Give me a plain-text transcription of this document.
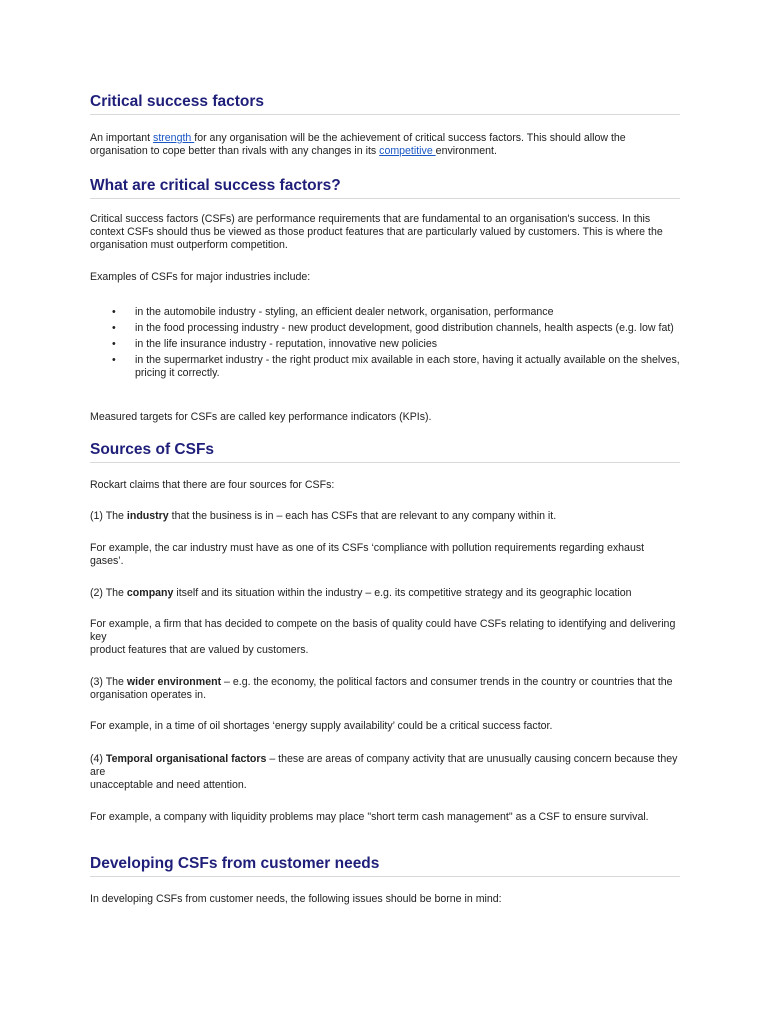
Critical success factors

An important strength for any organisation will be the achievement of critical success factors. This should allow the organisation to cope better than rivals with any changes in its competitive environment.

What are critical success factors?

Critical success factors (CSFs) are performance requirements that are fundamental to an organisation's success. In this context CSFs should thus be viewed as those product features that are particularly valued by customers. This is where the organisation must outperform competition.

Examples of CSFs for major industries include:

• in the automobile industry - styling, an efficient dealer network, organisation, performance
• in the food processing industry - new product development, good distribution channels, health aspects (e.g. low fat)
• in the life insurance industry - reputation, innovative new policies
• in the supermarket industry - the right product mix available in each store, having it actually available on the shelves, pricing it correctly.

Measured targets for CSFs are called key performance indicators (KPIs).

Sources of CSFs

Rockart claims that there are four sources for CSFs:

(1) The industry that the business is in – each has CSFs that are relevant to any company within it.

For example, the car industry must have as one of its CSFs ‘compliance with pollution requirements regarding exhaust gases’.

(2) The company itself and its situation within the industry – e.g. its competitive strategy and its geographic location

For example, a firm that has decided to compete on the basis of quality could have CSFs relating to identifying and delivering key
product features that are valued by customers.

(3) The wider environment – e.g. the economy, the political factors and consumer trends in the country or countries that the organisation operates in.

For example, in a time of oil shortages ‘energy supply availability’ could be a critical success factor.

(4) Temporal organisational factors – these are areas of company activity that are unusually causing concern because they are
unacceptable and need attention.

For example, a company with liquidity problems may place "short term cash management" as a CSF to ensure survival.

Developing CSFs from customer needs

In developing CSFs from customer needs, the following issues should be borne in mind:
